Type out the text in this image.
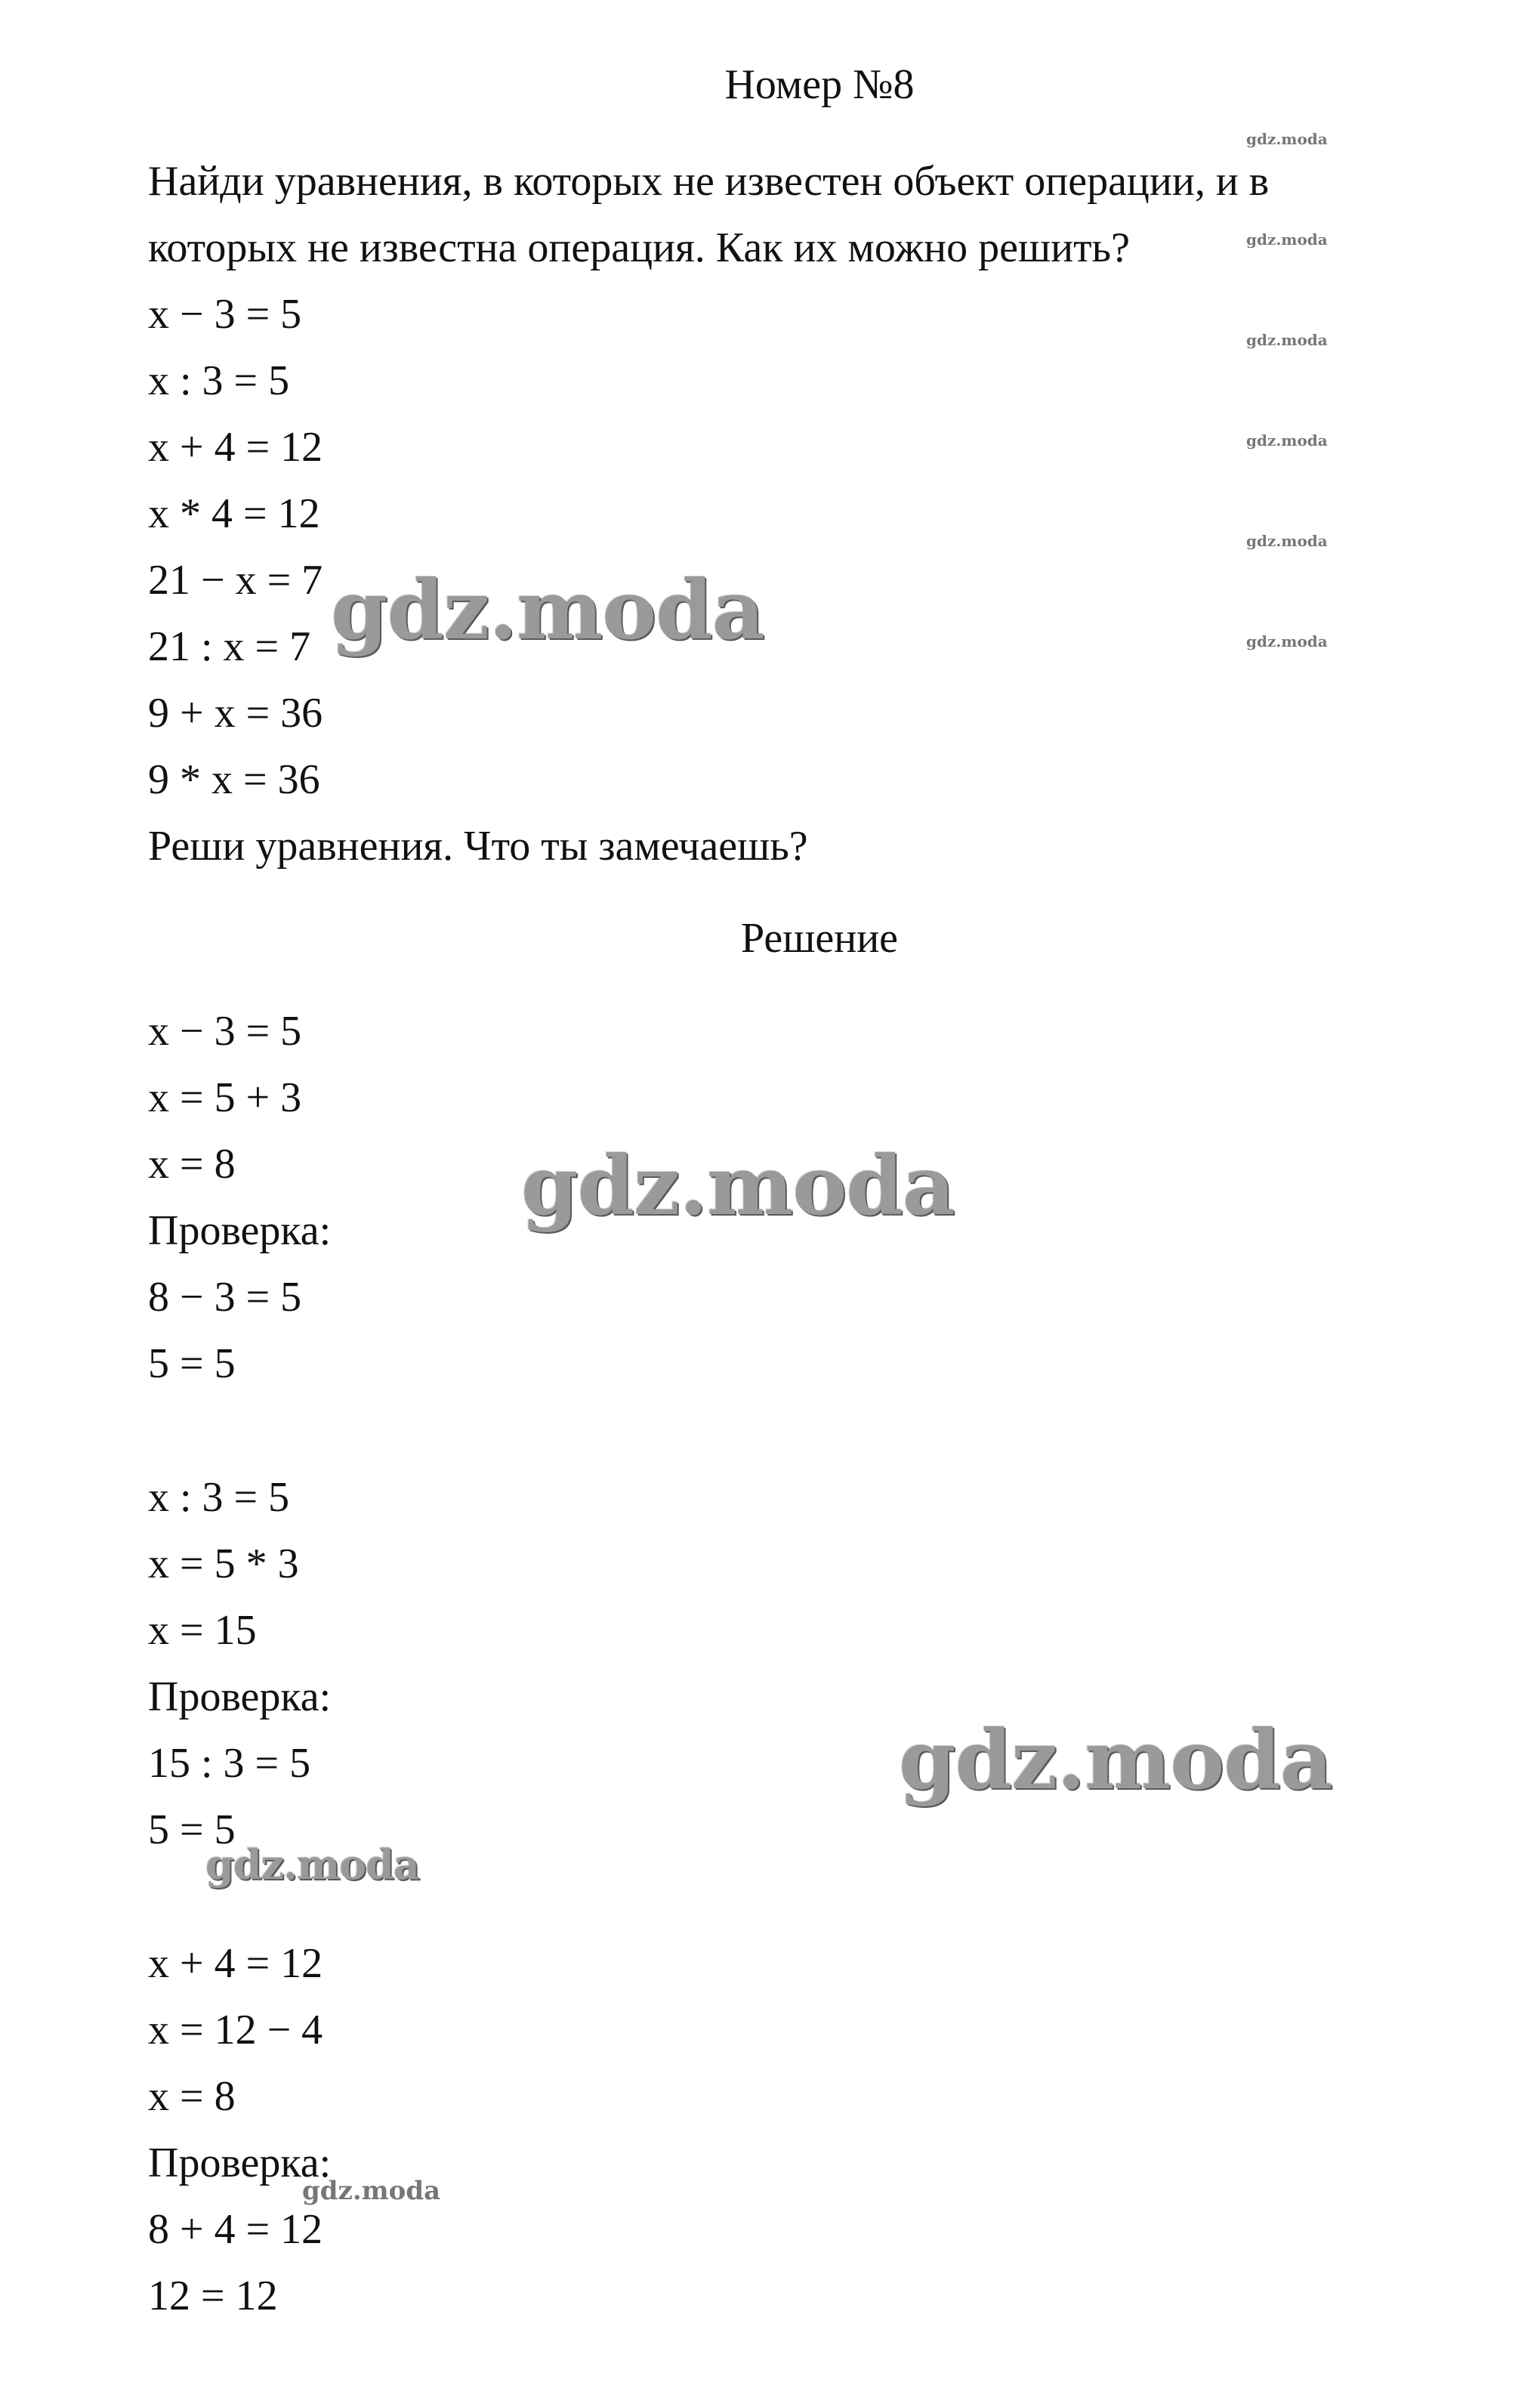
Номер №8
Найди уравнения, в которых не известен объект операции, и в
которых не известна операция. Как их можно решить?
x − 3 = 5
x : 3 = 5
x + 4 = 12
x * 4 = 12
21 − x = 7
21 : x = 7
9 + x = 36
9 * x = 36
Реши уравнения. Что ты замечаешь?
Решение
x − 3 = 5
x = 5 + 3
x = 8
Проверка:
8 − 3 = 5
5 = 5
x : 3 = 5
x = 5 * 3
x = 15
Проверка:
15 : 3 = 5
5 = 5
x + 4 = 12
x = 12 − 4
x = 8
Проверка:
8 + 4 = 12
12 = 12
gdz.moda
gdz.moda
gdz.moda
gdz.moda
gdz.moda
gdz.moda
gdz.moda
gdz.moda
gdz.moda
gdz.moda
gdz.moda
